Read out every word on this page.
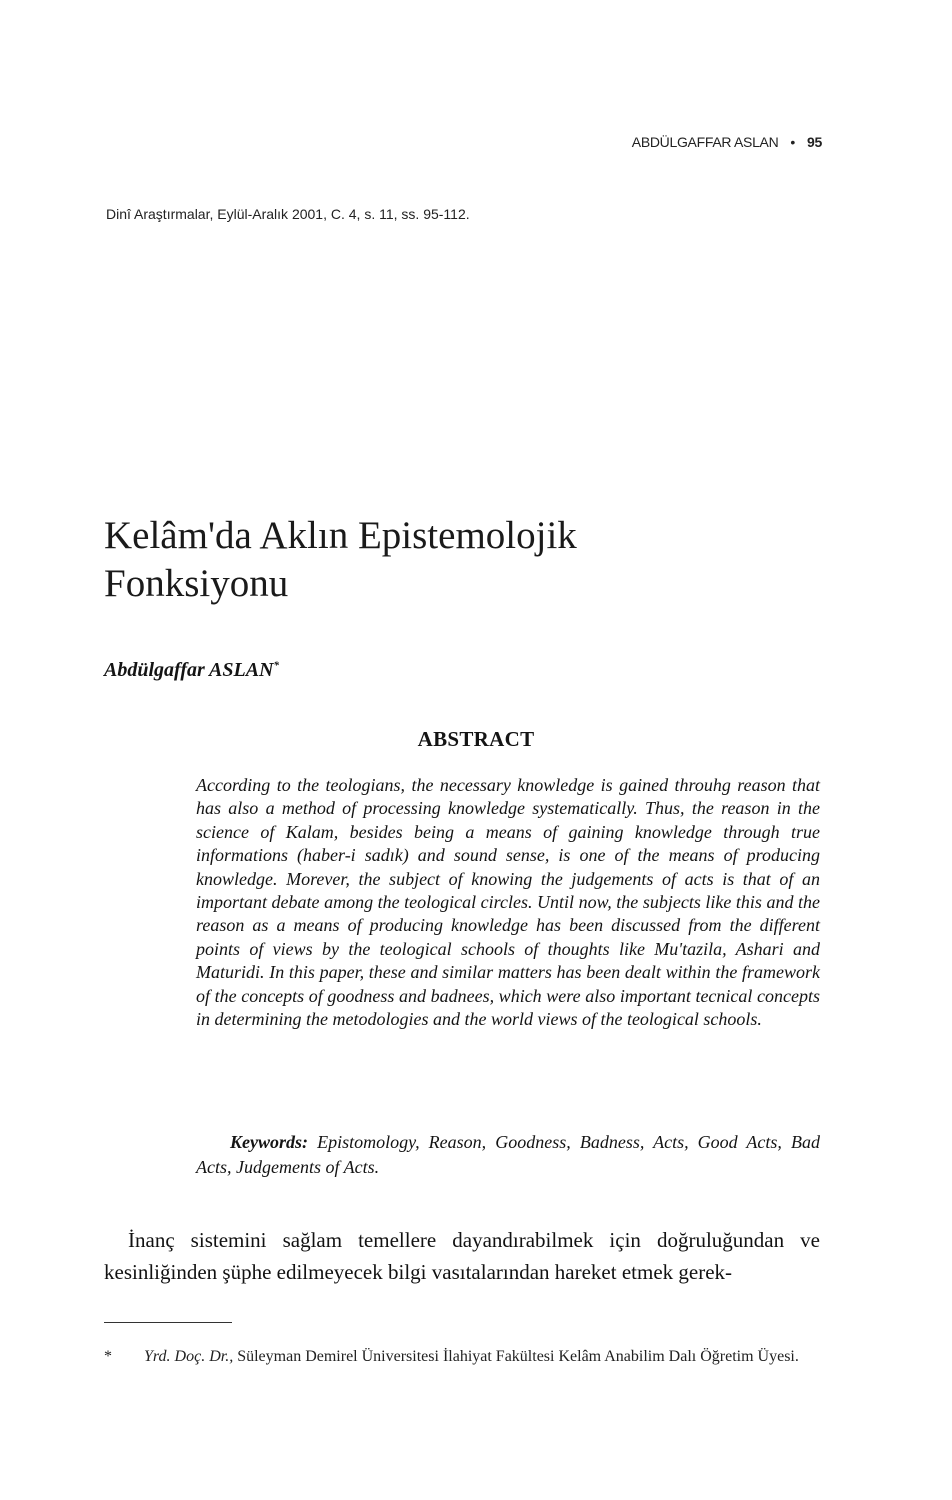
ABDÜLGAFFAR ASLAN • 95
Dinî Araştırmalar, Eylül-Aralık 2001, C. 4, s. 11, ss. 95-112.
Kelâm'da Aklın Epistemolojik
Fonksiyonu

Abdülgaffar ASLAN*

ABSTRACT

According to the teologians, the necessary knowledge is gained throuhg reason that has also a method of processing knowledge systematically. Thus, the reason in the science of Kalam, besides being a means of gaining knowledge through true informations (haber-i sadık) and sound sense, is one of the means of producing knowledge. Morever, the subject of knowing the judgements of acts is that of an important debate among the teological circles. Until now, the subjects like this and the reason as a means of producing knowledge has been discussed from the different points of views by the teological schools of thoughts like Mu'tazila, Ashari and Maturidi. In this paper, these and similar matters has been dealt within the framework of the concepts of goodness and badnees, which were also important tecnical concepts in determining the metodologies and the world views of the teological schools.

Keywords: Epistomology, Reason, Goodness, Badness, Acts, Good Acts, Bad Acts, Judgements of Acts.

İnanç sistemini sağlam temellere dayandırabilmek için doğruluğundan ve kesinliğinden şüphe edilmeyecek bilgi vasıtalarından hareket etmek gerek-

* Yrd. Doç. Dr., Süleyman Demirel Üniversitesi İlahiyat Fakültesi Kelâm Anabilim Dalı Öğretim Üyesi.
